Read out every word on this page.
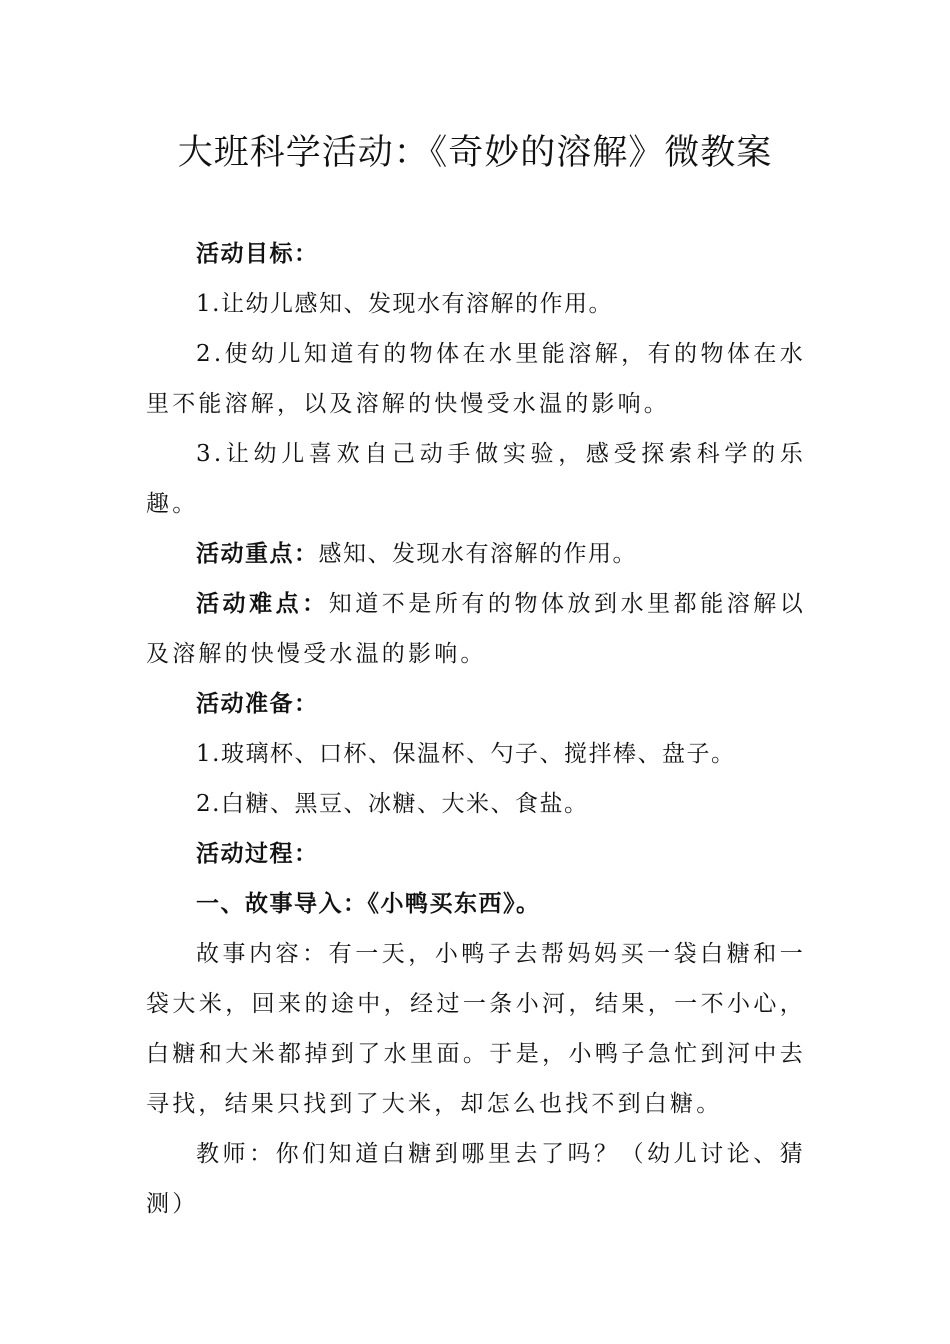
大班科学活动：《奇妙的溶解》微教案

活动目标：

1.让幼儿感知、发现水有溶解的作用。

2.使幼儿知道有的物体在水里能溶解，有的物体在水里不能溶解，以及溶解的快慢受水温的影响。

3.让幼儿喜欢自己动手做实验，感受探索科学的乐趣。

活动重点：感知、发现水有溶解的作用。

活动难点：知道不是所有的物体放到水里都能溶解以及溶解的快慢受水温的影响。

活动准备：

1.玻璃杯、口杯、保温杯、勺子、搅拌棒、盘子。

2.白糖、黑豆、冰糖、大米、食盐。

活动过程：

一、故事导入：《小鸭买东西》。

故事内容：有一天，小鸭子去帮妈妈买一袋白糖和一袋大米，回来的途中，经过一条小河，结果，一不小心，白糖和大米都掉到了水里面。于是，小鸭子急忙到河中去寻找，结果只找到了大米，却怎么也找不到白糖。

教师：你们知道白糖到哪里去了吗？（幼儿讨论、猜测）
